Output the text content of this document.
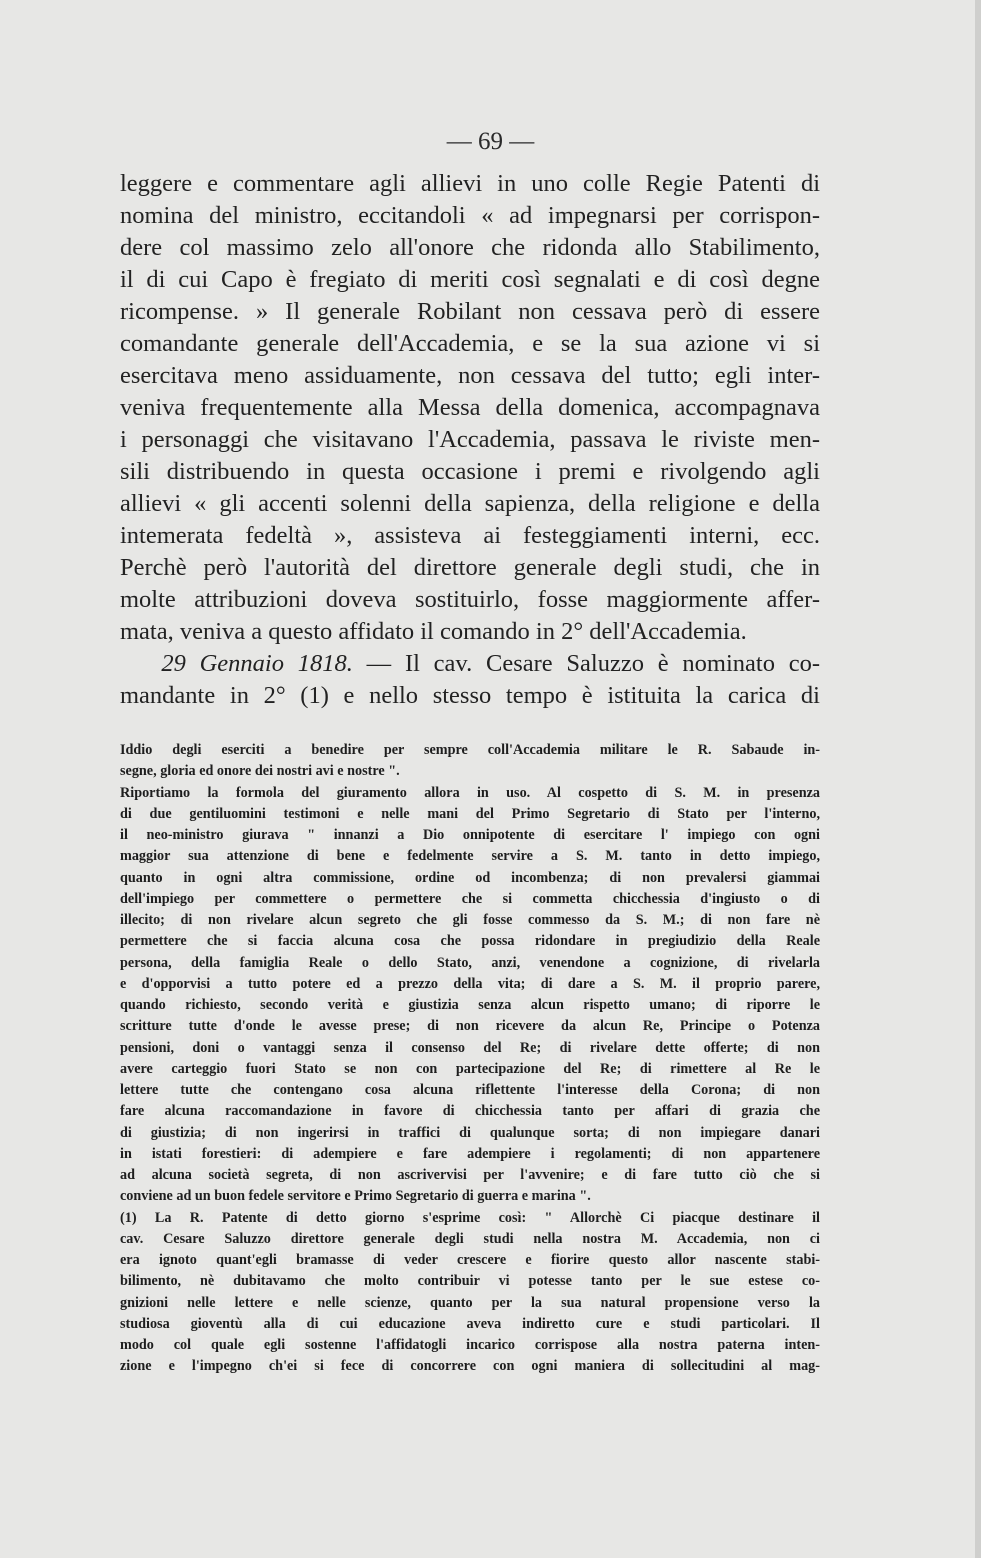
— 69 —
leggere e commentare agli allievi in uno colle Regie Patenti di
nomina del ministro, eccitandoli « ad impegnarsi per corrispon-
dere col massimo zelo all'onore che ridonda allo Stabilimento,
il di cui Capo è fregiato di meriti così segnalati e di così degne
ricompense. » Il generale Robilant non cessava però di essere
comandante generale dell'Accademia, e se la sua azione vi si
esercitava meno assiduamente, non cessava del tutto; egli inter-
veniva frequentemente alla Messa della domenica, accompagnava
i personaggi che visitavano l'Accademia, passava le riviste men-
sili distribuendo in questa occasione i premi e rivolgendo agli
allievi « gli accenti solenni della sapienza, della religione e della
intemerata fedeltà », assisteva ai festeggiamenti interni, ecc.
Perchè però l'autorità del direttore generale degli studi, che in
molte attribuzioni doveva sostituirlo, fosse maggiormente affer-
mata, veniva a questo affidato il comando in 2° dell'Accademia.
29 Gennaio 1818. — Il cav. Cesare Saluzzo è nominato co-
mandante in 2° (1) e nello stesso tempo è istituita la carica di
Iddio degli eserciti a benedire per sempre coll'Accademia militare le R. Sabaude in-
segne, gloria ed onore dei nostri avi e nostre ".
Riportiamo la formola del giuramento allora in uso. Al cospetto di S. M. in presenza
di due gentiluomini testimoni e nelle mani del Primo Segretario di Stato per l'interno,
il neo-ministro giurava " innanzi a Dio onnipotente di esercitare l' impiego con ogni
maggior sua attenzione di bene e fedelmente servire a S. M. tanto in detto impiego,
quanto in ogni altra commissione, ordine od incombenza; di non prevalersi giammai
dell'impiego per commettere o permettere che si commetta chicchessia d'ingiusto o di
illecito; di non rivelare alcun segreto che gli fosse commesso da S. M.; di non fare nè
permettere che si faccia alcuna cosa che possa ridondare in pregiudizio della Reale
persona, della famiglia Reale o dello Stato, anzi, venendone a cognizione, di rivelarla
e d'opporvisi a tutto potere ed a prezzo della vita; di dare a S. M. il proprio parere,
quando richiesto, secondo verità e giustizia senza alcun rispetto umano; di riporre le
scritture tutte d'onde le avesse prese; di non ricevere da alcun Re, Principe o Potenza
pensioni, doni o vantaggi senza il consenso del Re; di rivelare dette offerte; di non
avere carteggio fuori Stato se non con partecipazione del Re; di rimettere al Re le
lettere tutte che contengano cosa alcuna riflettente l'interesse della Corona; di non
fare alcuna raccomandazione in favore di chicchessia tanto per affari di grazia che
di giustizia; di non ingerirsi in traffici di qualunque sorta; di non impiegare danari
in istati forestieri: di adempiere e fare adempiere i regolamenti; di non appartenere
ad alcuna società segreta, di non ascrivervisi per l'avvenire; e di fare tutto ciò che si
conviene ad un buon fedele servitore e Primo Segretario di guerra e marina ".
(1) La R. Patente di detto giorno s'esprime così: " Allorchè Ci piacque destinare il
cav. Cesare Saluzzo direttore generale degli studi nella nostra M. Accademia, non ci
era ignoto quant'egli bramasse di veder crescere e fiorire questo allor nascente stabi-
bilimento, nè dubitavamo che molto contribuir vi potesse tanto per le sue estese co-
gnizioni nelle lettere e nelle scienze, quanto per la sua natural propensione verso la
studiosa gioventù alla di cui educazione aveva indiretto cure e studi particolari. Il
modo col quale egli sostenne l'affidatogli incarico corrispose alla nostra paterna inten-
zione e l'impegno ch'ei si fece di concorrere con ogni maniera di sollecitudini al mag-
